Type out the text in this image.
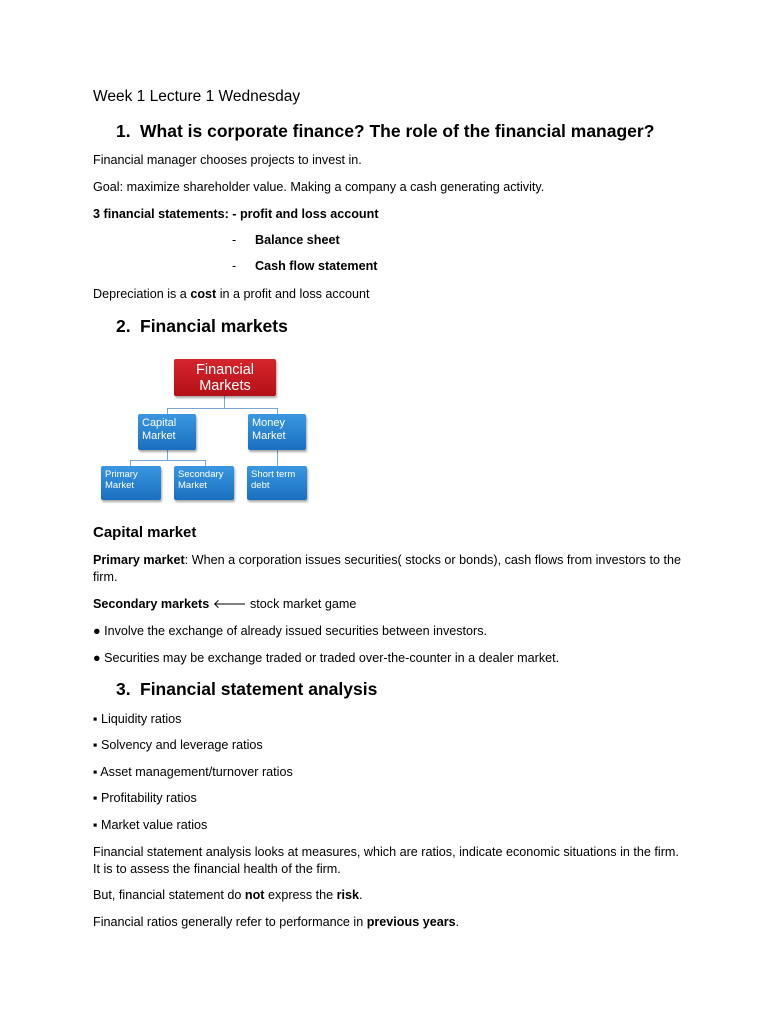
Week 1 Lecture 1 Wednesday
1. What is corporate finance? The role of the financial manager?
Financial manager chooses projects to invest in.
Goal: maximize shareholder value. Making a company a cash generating activity.
3 financial statements: - profit and loss account
- Balance sheet
- Cash flow statement
Depreciation is a cost in a profit and loss account
2. Financial markets
Financial Markets
Capital Market
Money Market
Primary Market
Secondary Market
Short term debt
Capital market
Primary market: When a corporation issues securities( stocks or bonds), cash flows from investors to the firm.
Secondary markets 🡐 stock market game
● Involve the exchange of already issued securities between investors.
● Securities may be exchange traded or traded over-the-counter in a dealer market.
3. Financial statement analysis
▪ Liquidity ratios
▪ Solvency and leverage ratios
▪ Asset management/turnover ratios
▪ Profitability ratios
▪ Market value ratios
Financial statement analysis looks at measures, which are ratios, indicate economic situations in the firm. It is to assess the financial health of the firm.
But, financial statement do not express the risk.
Financial ratios generally refer to performance in previous years.
